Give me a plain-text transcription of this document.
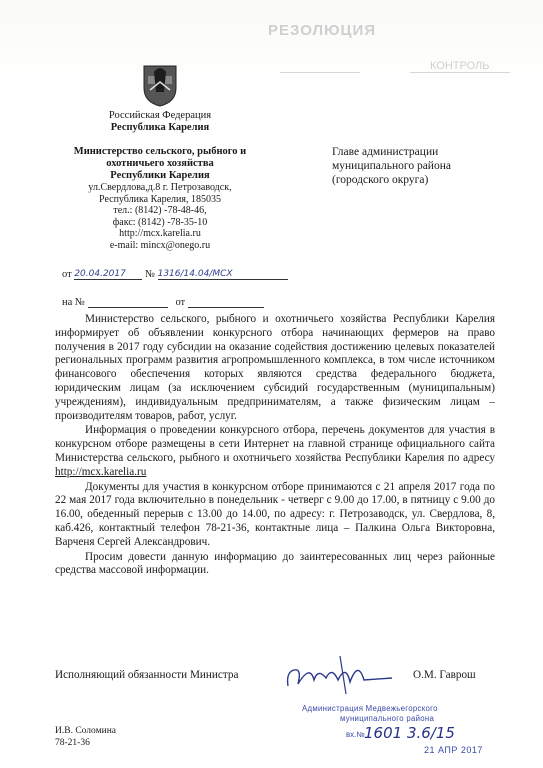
РЕЗОЛЮЦИЯ
КОНТРОЛЬ
Российская Федерация
Республика Карелия
Министерство сельского, рыбного и
охотничьего хозяйства
Республики Карелия
ул.Свердлова,д.8 г. Петрозаводск,
Республика Карелия, 185035
тел.: (8142) -78-48-46,
факс: (8142) -78-35-10
http://mcx.karelia.ru
e-mail: mincx@onego.ru
Главе администрации
муниципального района
(городского округа)
от 20.04.2017 № 1316/14.04/МСХ
на №	от

Министерство сельского, рыбного и охотничьего хозяйства Республики Карелия информирует об объявлении конкурсного отбора начинающих фермеров на право получения в 2017 году субсидии на оказание содействия достижению целевых показателей региональных программ развития агропромышленного комплекса, в том числе источником финансового обеспечения которых являются средства федерального бюджета, юридическим лицам (за исключением субсидий государственным (муниципальным) учреждениям), индивидуальным предпринимателям, а также физическим лицам – производителям товаров, работ, услуг.

Информация о проведении конкурсного отбора, перечень документов для участия в конкурсном отборе размещены в сети Интернет на главной странице официального сайта Министерства сельского, рыбного и охотничьего хозяйства Республики Карелия по адресу http://mcx.karelia.ru

Документы для участия в конкурсном отборе принимаются с 21 апреля 2017 года по 22 мая 2017 года включительно в понедельник - четверг с 9.00 до 17.00, в пятницу с 9.00 до 16.00, обеденный перерыв с 13.00 до 14.00, по адресу: г. Петрозаводск, ул. Свердлова, 8, каб.426, контактный телефон 78-21-36, контактные лица – Палкина Ольга Викторовна, Варченя Сергей Александрович.

Просим довести данную информацию до заинтересованных лиц через районные средства массовой информации.

Исполняющий обязанности Министра	О.М. Гаврош
И.В. Соломина
78-21-36
Администрация Медвежьегорского
муниципального района
вх.№ 1601 3.6/15
21 АПР 2017
